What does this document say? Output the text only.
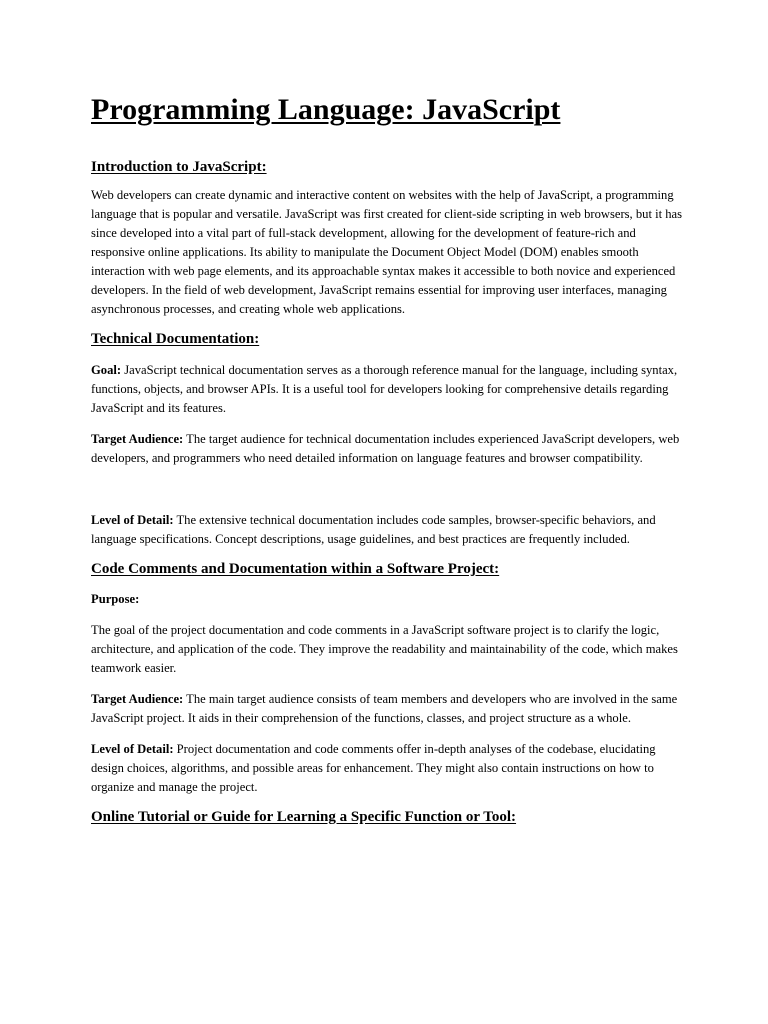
Programming Language: JavaScript
Introduction to JavaScript:

Web developers can create dynamic and interactive content on websites with the help of JavaScript, a programming language that is popular and versatile. JavaScript was first created for client-side scripting in web browsers, but it has since developed into a vital part of full-stack development, allowing for the development of feature-rich and responsive online applications. Its ability to manipulate the Document Object Model (DOM) enables smooth interaction with web page elements, and its approachable syntax makes it accessible to both novice and experienced developers. In the field of web development, JavaScript remains essential for improving user interfaces, managing asynchronous processes, and creating whole web applications.

Technical Documentation:

Goal: JavaScript technical documentation serves as a thorough reference manual for the language, including syntax, functions, objects, and browser APIs. It is a useful tool for developers looking for comprehensive details regarding JavaScript and its features.

Target Audience: The target audience for technical documentation includes experienced JavaScript developers, web developers, and programmers who need detailed information on language features and browser compatibility.

Level of Detail: The extensive technical documentation includes code samples, browser-specific behaviors, and language specifications. Concept descriptions, usage guidelines, and best practices are frequently included.

Code Comments and Documentation within a Software Project:

Purpose:

The goal of the project documentation and code comments in a JavaScript software project is to clarify the logic, architecture, and application of the code. They improve the readability and maintainability of the code, which makes teamwork easier.

Target Audience: The main target audience consists of team members and developers who are involved in the same JavaScript project. It aids in their comprehension of the functions, classes, and project structure as a whole.

Level of Detail: Project documentation and code comments offer in-depth analyses of the codebase, elucidating design choices, algorithms, and possible areas for enhancement. They might also contain instructions on how to organize and manage the project.

Online Tutorial or Guide for Learning a Specific Function or Tool:
